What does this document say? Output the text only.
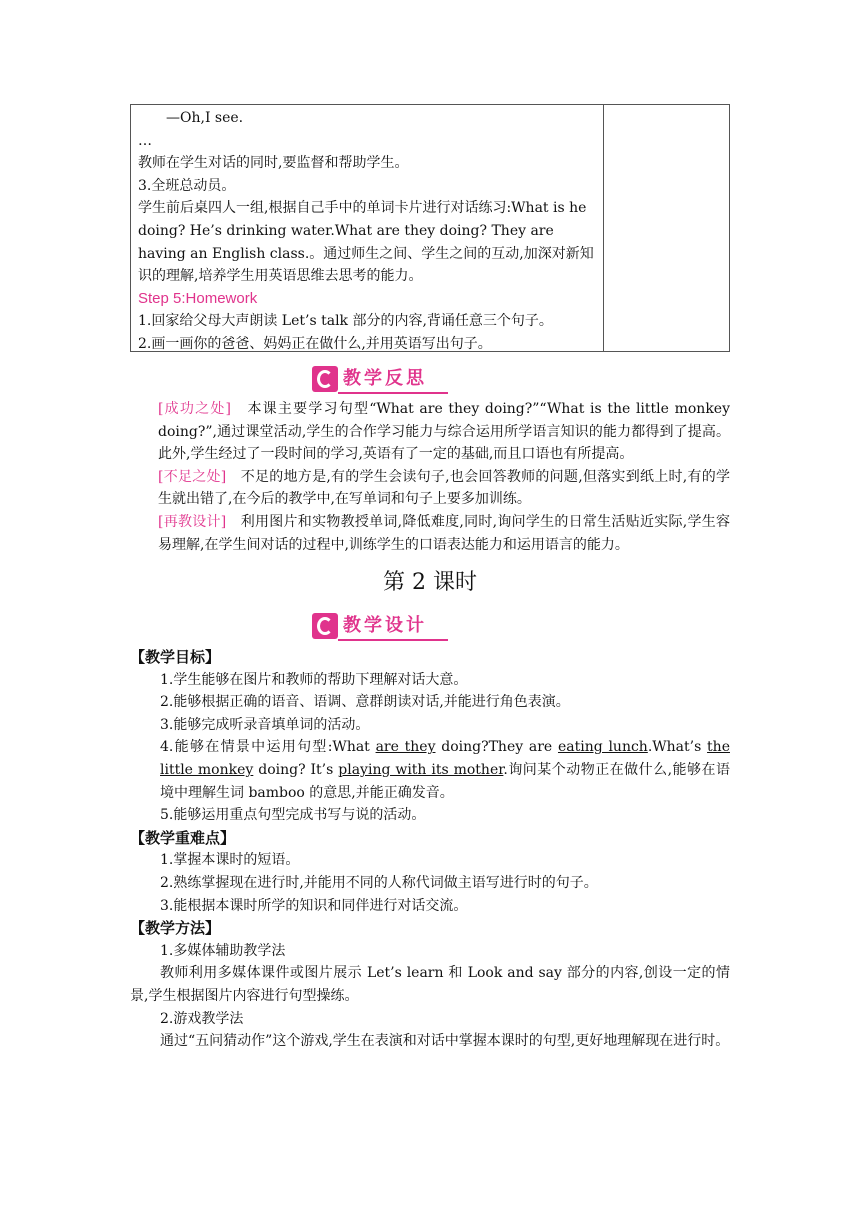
—Oh,I see.
…
教师在学生对话的同时,要监督和帮助学生。
3.全班总动员。
学生前后桌四人一组,根据自己手中的单词卡片进行对话练习:What is he doing? He’s drinking water.What are they doing? They are having an English class.。通过师生之间、学生之间的互动,加深对新知识的理解,培养学生用英语思维去思考的能力。
Step 5:Homework
1.回家给父母大声朗读 Let’s talk 部分的内容,背诵任意三个句子。
2.画一画你的爸爸、妈妈正在做什么,并用英语写出句子。
教学反思
[成功之处]　本课主要学习句型“What are they doing?”“What is the little monkey doing?”,通过课堂活动,学生的合作学习能力与综合运用所学语言知识的能力都得到了提高。此外,学生经过了一段时间的学习,英语有了一定的基础,而且口语也有所提高。
[不足之处]　不足的地方是,有的学生会读句子,也会回答教师的问题,但落实到纸上时,有的学生就出错了,在今后的教学中,在写单词和句子上要多加训练。
[再教设计]　利用图片和实物教授单词,降低难度,同时,询问学生的日常生活贴近实际,学生容易理解,在学生间对话的过程中,训练学生的口语表达能力和运用语言的能力。
第 2 课时
教学设计
【教学目标】
1.学生能够在图片和教师的帮助下理解对话大意。
2.能够根据正确的语音、语调、意群朗读对话,并能进行角色表演。
3.能够完成听录音填单词的活动。
4.能够在情景中运用句型:What are they doing?They are eating lunch.What’s the little monkey doing? It’s playing with its mother.询问某个动物正在做什么,能够在语境中理解生词 bamboo 的意思,并能正确发音。
5.能够运用重点句型完成书写与说的活动。
【教学重难点】
1.掌握本课时的短语。
2.熟练掌握现在进行时,并能用不同的人称代词做主语写进行时的句子。
3.能根据本课时所学的知识和同伴进行对话交流。
【教学方法】
1.多媒体辅助教学法
教师利用多媒体课件或图片展示 Let’s learn 和 Look and say 部分的内容,创设一定的情景,学生根据图片内容进行句型操练。
2.游戏教学法
通过“五问猜动作”这个游戏,学生在表演和对话中掌握本课时的句型,更好地理解现在进行时。
